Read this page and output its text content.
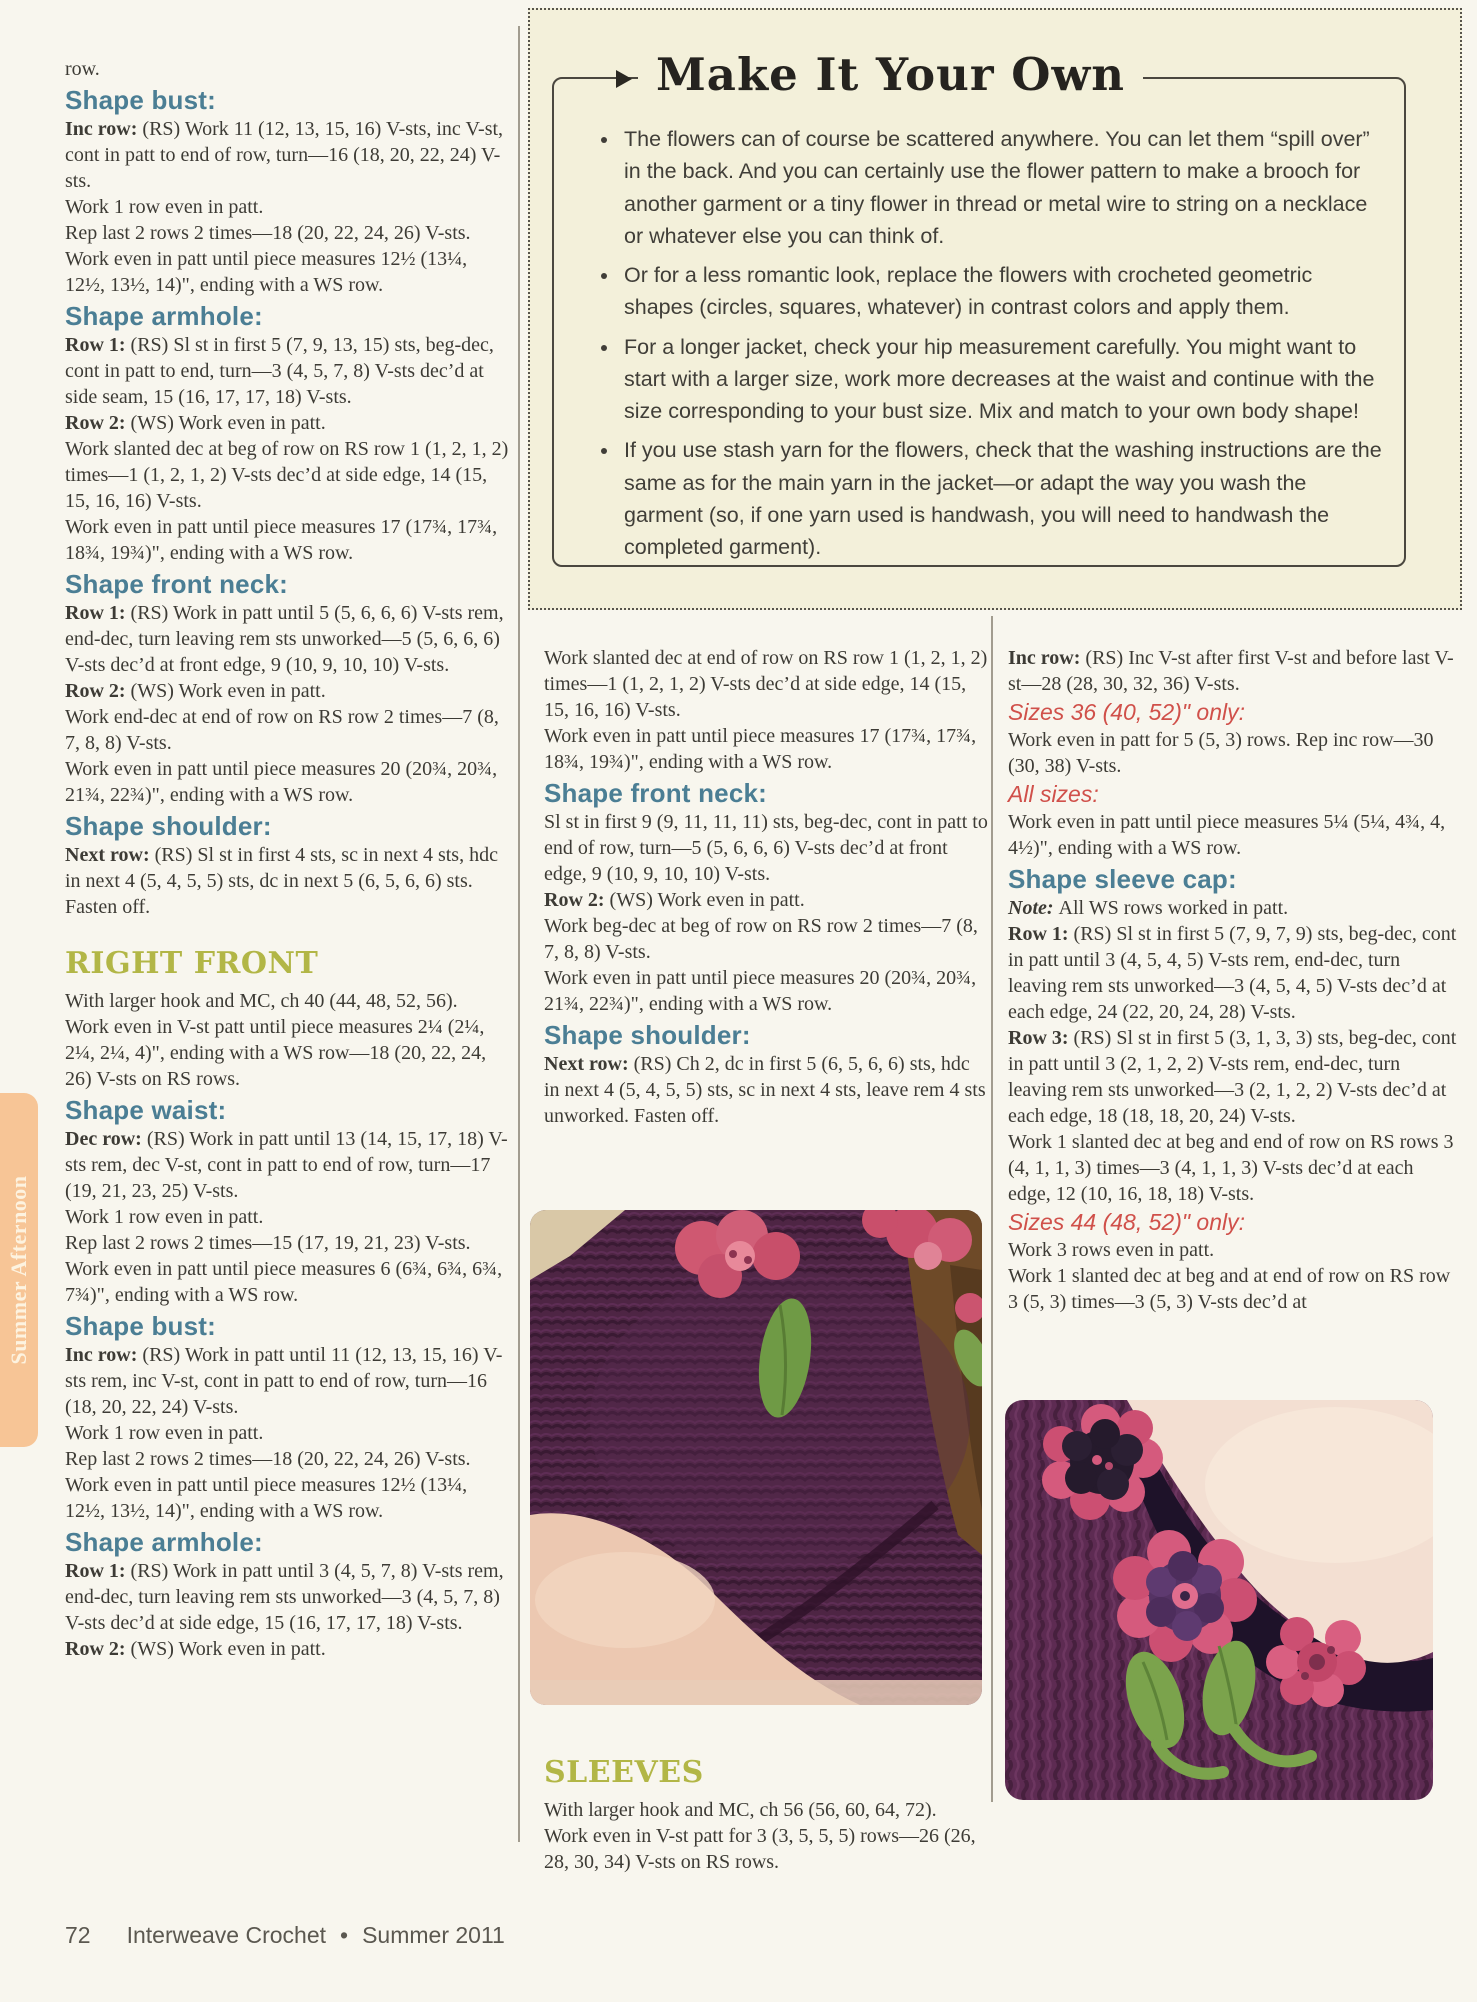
Make It Your Own
• The flowers can of course be scattered anywhere. You can let them “spill over” in the back. And you can certainly use the flower pattern to make a brooch for another garment or a tiny flower in thread or metal wire to string on a necklace or whatever else you can think of.
• Or for a less romantic look, replace the flowers with crocheted geometric shapes (circles, squares, whatever) in contrast colors and apply them.
• For a longer jacket, check your hip measurement carefully. You might want to start with a larger size, work more decreases at the waist and continue with the size corresponding to your bust size. Mix and match to your own body shape!
• If you use stash yarn for the flowers, check that the washing instructions are the same as for the main yarn in the jacket—or adapt the way you wash the garment (so, if one yarn used is handwash, you will need to handwash the completed garment).

row.

Shape bust:

Inc row: (RS) Work 11 (12, 13, 15, 16) V-sts, inc V-st, cont in patt to end of row, turn—16 (18, 20, 22, 24) V-sts.

Work 1 row even in patt.

Rep last 2 rows 2 times—18 (20, 22, 24, 26) V-sts.

Work even in patt until piece measures 12½ (13¼, 12½, 13½, 14)", ending with a WS row.

Shape armhole:

Row 1: (RS) Sl st in first 5 (7, 9, 13, 15) sts, beg-dec, cont in patt to end, turn—3 (4, 5, 7, 8) V-sts dec’d at side seam, 15 (16, 17, 17, 18) V-sts.

Row 2: (WS) Work even in patt.

Work slanted dec at beg of row on RS row 1 (1, 2, 1, 2) times—1 (1, 2, 1, 2) V-sts dec’d at side edge, 14 (15, 15, 16, 16) V-sts.

Work even in patt until piece measures 17 (17¾, 17¾, 18¾, 19¾)", ending with a WS row.

Shape front neck:

Row 1: (RS) Work in patt until 5 (5, 6, 6, 6) V-sts rem, end-dec, turn leaving rem sts unworked—5 (5, 6, 6, 6) V-sts dec’d at front edge, 9 (10, 9, 10, 10) V-sts.

Row 2: (WS) Work even in patt.

Work end-dec at end of row on RS row 2 times—7 (8, 7, 8, 8) V-sts.

Work even in patt until piece measures 20 (20¾, 20¾, 21¾, 22¾)", ending with a WS row.

Shape shoulder:

Next row: (RS) Sl st in first 4 sts, sc in next 4 sts, hdc in next 4 (5, 4, 5, 5) sts, dc in next 5 (6, 5, 6, 6) sts. Fasten off.

RIGHT FRONT

With larger hook and MC, ch 40 (44, 48, 52, 56).

Work even in V-st patt until piece measures 2¼ (2¼, 2¼, 2¼, 4)", ending with a WS row—18 (20, 22, 24, 26) V-sts on RS rows.

Shape waist:

Dec row: (RS) Work in patt until 13 (14, 15, 17, 18) V-sts rem, dec V-st, cont in patt to end of row, turn—17 (19, 21, 23, 25) V-sts.

Work 1 row even in patt.

Rep last 2 rows 2 times—15 (17, 19, 21, 23) V-sts.

Work even in patt until piece measures 6 (6¾, 6¾, 6¾, 7¾)", ending with a WS row.

Shape bust:

Inc row: (RS) Work in patt until 11 (12, 13, 15, 16) V-sts rem, inc V-st, cont in patt to end of row, turn—16 (18, 20, 22, 24) V-sts.

Work 1 row even in patt.

Rep last 2 rows 2 times—18 (20, 22, 24, 26) V-sts.

Work even in patt until piece measures 12½ (13¼, 12½, 13½, 14)", ending with a WS row.

Shape armhole:

Row 1: (RS) Work in patt until 3 (4, 5, 7, 8) V-sts rem, end-dec, turn leaving rem sts unworked—3 (4, 5, 7, 8) V-sts dec’d at side edge, 15 (16, 17, 17, 18) V-sts.

Row 2: (WS) Work even in patt.

Work slanted dec at end of row on RS row 1 (1, 2, 1, 2) times—1 (1, 2, 1, 2) V-sts dec’d at side edge, 14 (15, 15, 16, 16) V-sts.

Work even in patt until piece measures 17 (17¾, 17¾, 18¾, 19¾)", ending with a WS row.

Shape front neck:

Sl st in first 9 (9, 11, 11, 11) sts, beg-dec, cont in patt to end of row, turn—5 (5, 6, 6, 6) V-sts dec’d at front edge, 9 (10, 9, 10, 10) V-sts.

Row 2: (WS) Work even in patt.

Work beg-dec at beg of row on RS row 2 times—7 (8, 7, 8, 8) V-sts.

Work even in patt until piece measures 20 (20¾, 20¾, 21¾, 22¾)", ending with a WS row.

Shape shoulder:

Next row: (RS) Ch 2, dc in first 5 (6, 5, 6, 6) sts, hdc in next 4 (5, 4, 5, 5) sts, sc in next 4 sts, leave rem 4 sts unworked. Fasten off.

SLEEVES

With larger hook and MC, ch 56 (56, 60, 64, 72).

Work even in V-st patt for 3 (3, 5, 5, 5) rows—26 (26, 28, 30, 34) V-sts on RS rows.

Inc row: (RS) Inc V-st after first V-st and before last V-st—28 (28, 30, 32, 36) V-sts.

Sizes 36 (40, 52)" only:

Work even in patt for 5 (5, 3) rows. Rep inc row—30 (30, 38) V-sts.

All sizes:

Work even in patt until piece measures 5¼ (5¼, 4¾, 4, 4½)", ending with a WS row.

Shape sleeve cap:

Note: All WS rows worked in patt.

Row 1: (RS) Sl st in first 5 (7, 9, 7, 9) sts, beg-dec, cont in patt until 3 (4, 5, 4, 5) V-sts rem, end-dec, turn leaving rem sts unworked—3 (4, 5, 4, 5) V-sts dec’d at each edge, 24 (22, 20, 24, 28) V-sts.

Row 3: (RS) Sl st in first 5 (3, 1, 3, 3) sts, beg-dec, cont in patt until 3 (2, 1, 2, 2) V-sts rem, end-dec, turn leaving rem sts unworked—3 (2, 1, 2, 2) V-sts dec’d at each edge, 18 (18, 18, 20, 24) V-sts.

Work 1 slanted dec at beg and end of row on RS rows 3 (4, 1, 1, 3) times—3 (4, 1, 1, 3) V-sts dec’d at each edge, 12 (10, 16, 18, 18) V-sts.

Sizes 44 (48, 52)" only:

Work 3 rows even in patt.

Work 1 slanted dec at beg and at end of row on RS row 3 (5, 3) times—3 (5, 3) V-sts dec’d at

Summer Afternoon
72 Interweave Crochet • Summer 2011
